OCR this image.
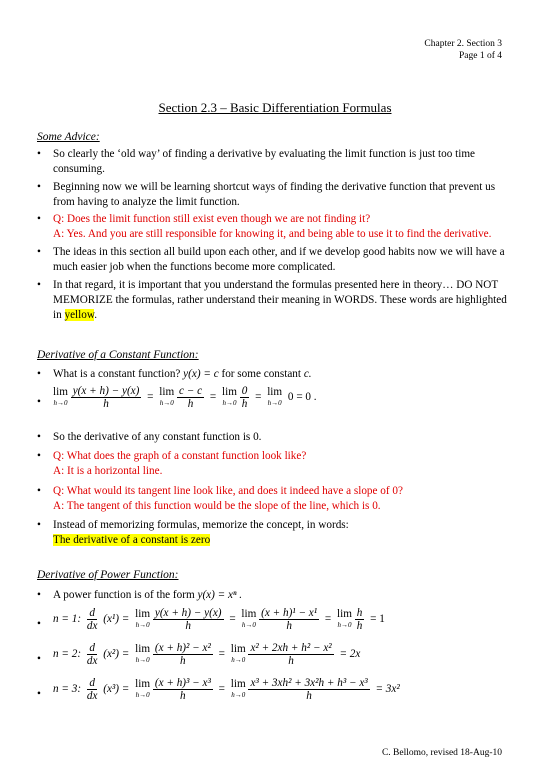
Chapter 2. Section 3
Page 1 of 4
Section 2.3 – Basic Differentiation Formulas
Some Advice:
• So clearly the ‘old way’ of finding a derivative by evaluating the limit function is just too time consuming.
• Beginning now we will be learning shortcut ways of finding the derivative function that prevent us from having to analyze the limit function.
• Q: Does the limit function still exist even though we are not finding it?
A: Yes. And you are still responsible for knowing it, and being able to use it to find the derivative.
• The ideas in this section all build upon each other, and if we develop good habits now we will have a much easier job when the functions become more complicated.
• In that regard, it is important that you understand the formulas presented here in theory… DO NOT MEMORIZE the formulas, rather understand their meaning in WORDS. These words are highlighted in yellow.
Derivative of a Constant Function:
• What is a constant function? y(x) = c for some constant c.
•
lim
h→0
$\frac{y(x + h) - y(x)}{h} = \lim$
h→0
$\frac{c - c}{h} = \lim$
h→0
$\frac{0}{h} = \lim$
h→0 0 = 0 .
• So the derivative of any constant function is 0.
• Q: What does the graph of a constant function look like?
A: It is a horizontal line.
• Q: What would its tangent line look like, and does it indeed have a slope of 0?
A: The tangent of this function would be the slope of the line, which is 0.
• Instead of memorizing formulas, memorize the concept, in words:
The derivative of a constant is zero
Derivative of Power Function:
• A power function is of the form y(x) = xⁿ .
• n = 1: $\frac{d}{dx} (x^1) = \lim$
h→0
$\frac{y(x + h) - y(x)}{h} = \lim$
h→0
$\frac{\text{(x + h)¹ − x¹}}{h} = \lim$
h→0
$\frac{h}{h} = 1$
• n = 2: $\frac{d}{dx} (x^2) = \lim$
h→0
$\frac{\text{(x + h)² − x²}}{h} = \lim$
h→0
$\frac{\text{x² + 2xh + h² − x²}}{h} = 2x$
• n = 3: $\frac{d}{dx} (x^3) = \lim$
h→0
$\frac{\text{(x + h)³ − x³}}{h} = \lim$
h→0
$\frac{\text{x³ + 3xh² + 3x²h + h³ − x³}}{h} = 3x^2$
C. Bellomo, revised 18-Aug-10
